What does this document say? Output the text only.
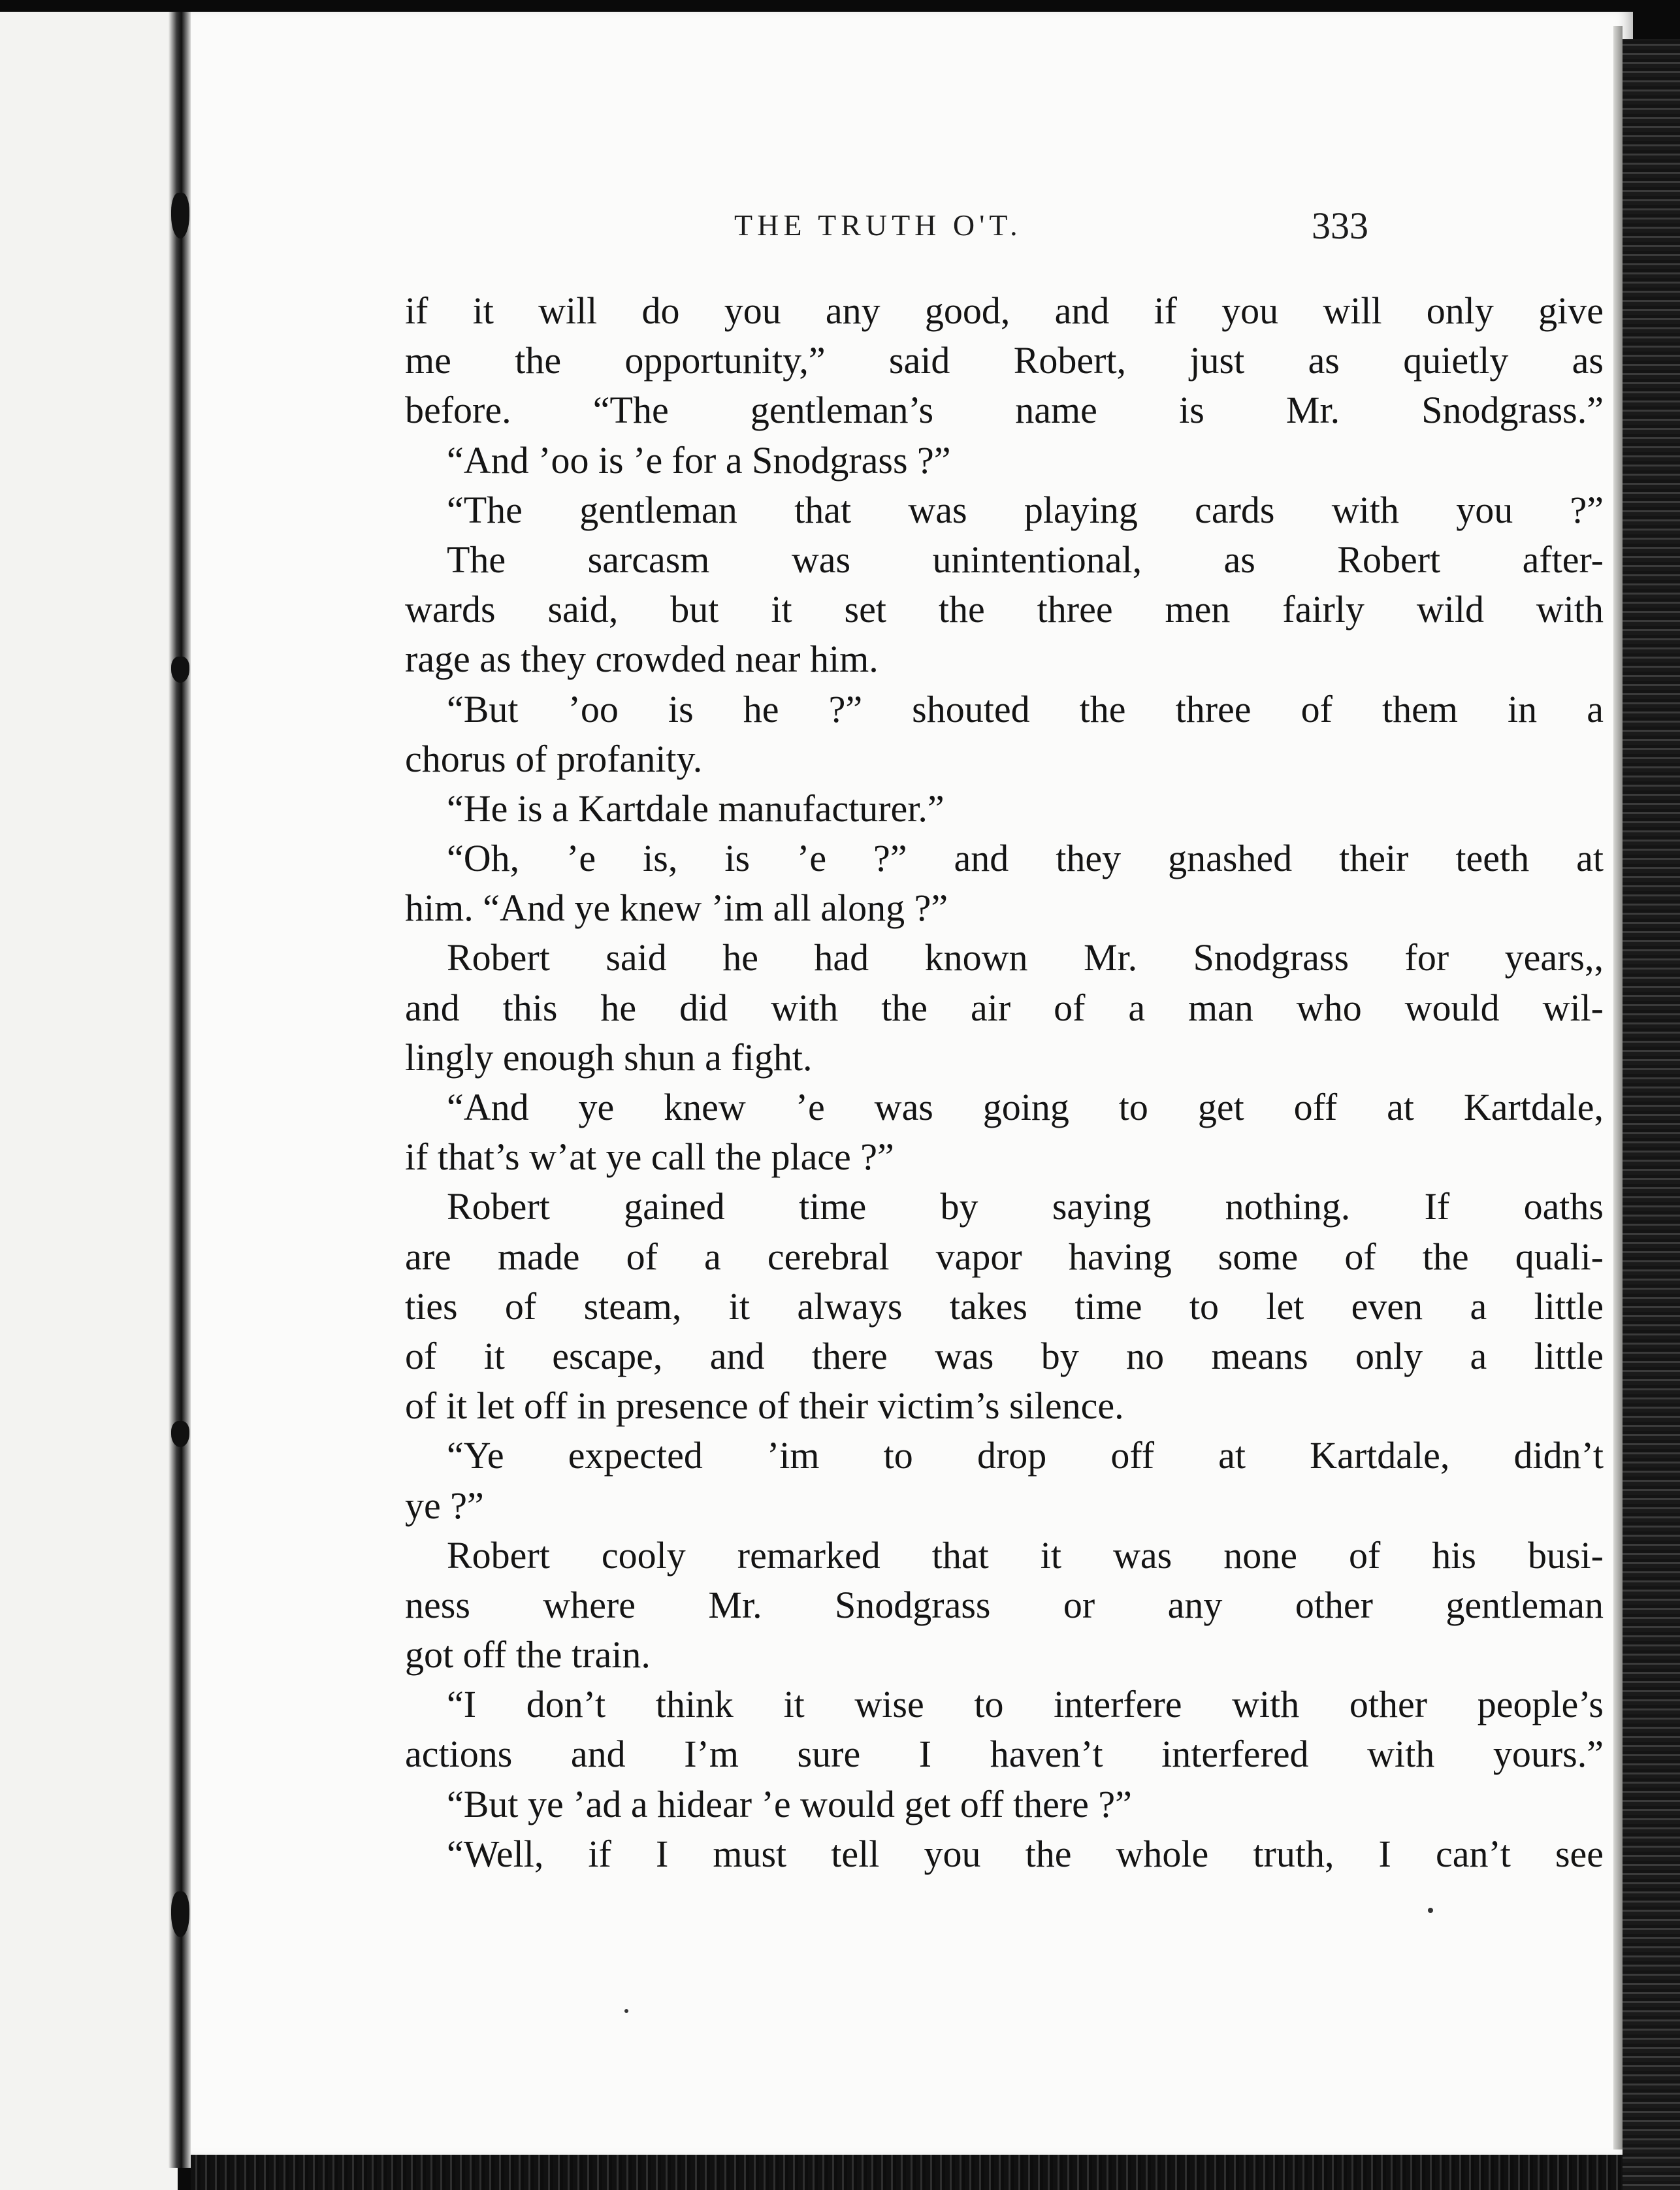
THE TRUTH O'T.	333
if it will do you any good, and if you will only give
me the opportunity,” said Robert, just as quietly as
before. “The gentleman’s name is Mr. Snodgrass.”
“And ’oo is ’e for a Snodgrass ?”
“The gentleman that was playing cards with you ?”
The sarcasm was unintentional, as Robert after-
wards said, but it set the three men fairly wild with
rage as they crowded near him.
“But ’oo is he ?” shouted the three of them in a
chorus of profanity.
“He is a Kartdale manufacturer.”
“Oh, ’e is, is ’e ?” and they gnashed their teeth at
him. “And ye knew ’im all along ?”
Robert said he had known Mr. Snodgrass for years,,
and this he did with the air of a man who would wil-
lingly enough shun a fight.
“And ye knew ’e was going to get off at Kartdale,
if that’s w’at ye call the place ?”
Robert gained time by saying nothing. If oaths
are made of a cerebral vapor having some of the quali-
ties of steam, it always takes time to let even a little
of it escape, and there was by no means only a little
of it let off in presence of their victim’s silence.
“Ye expected ’im to drop off at Kartdale, didn’t
ye ?”
Robert cooly remarked that it was none of his busi-
ness where Mr. Snodgrass or any other gentleman
got off the train.
“I don’t think it wise to interfere with other people’s
actions and I’m sure I haven’t interfered with yours.”
“But ye ’ad a hidear ’e would get off there ?”
“Well, if I must tell you the whole truth, I can’t see
